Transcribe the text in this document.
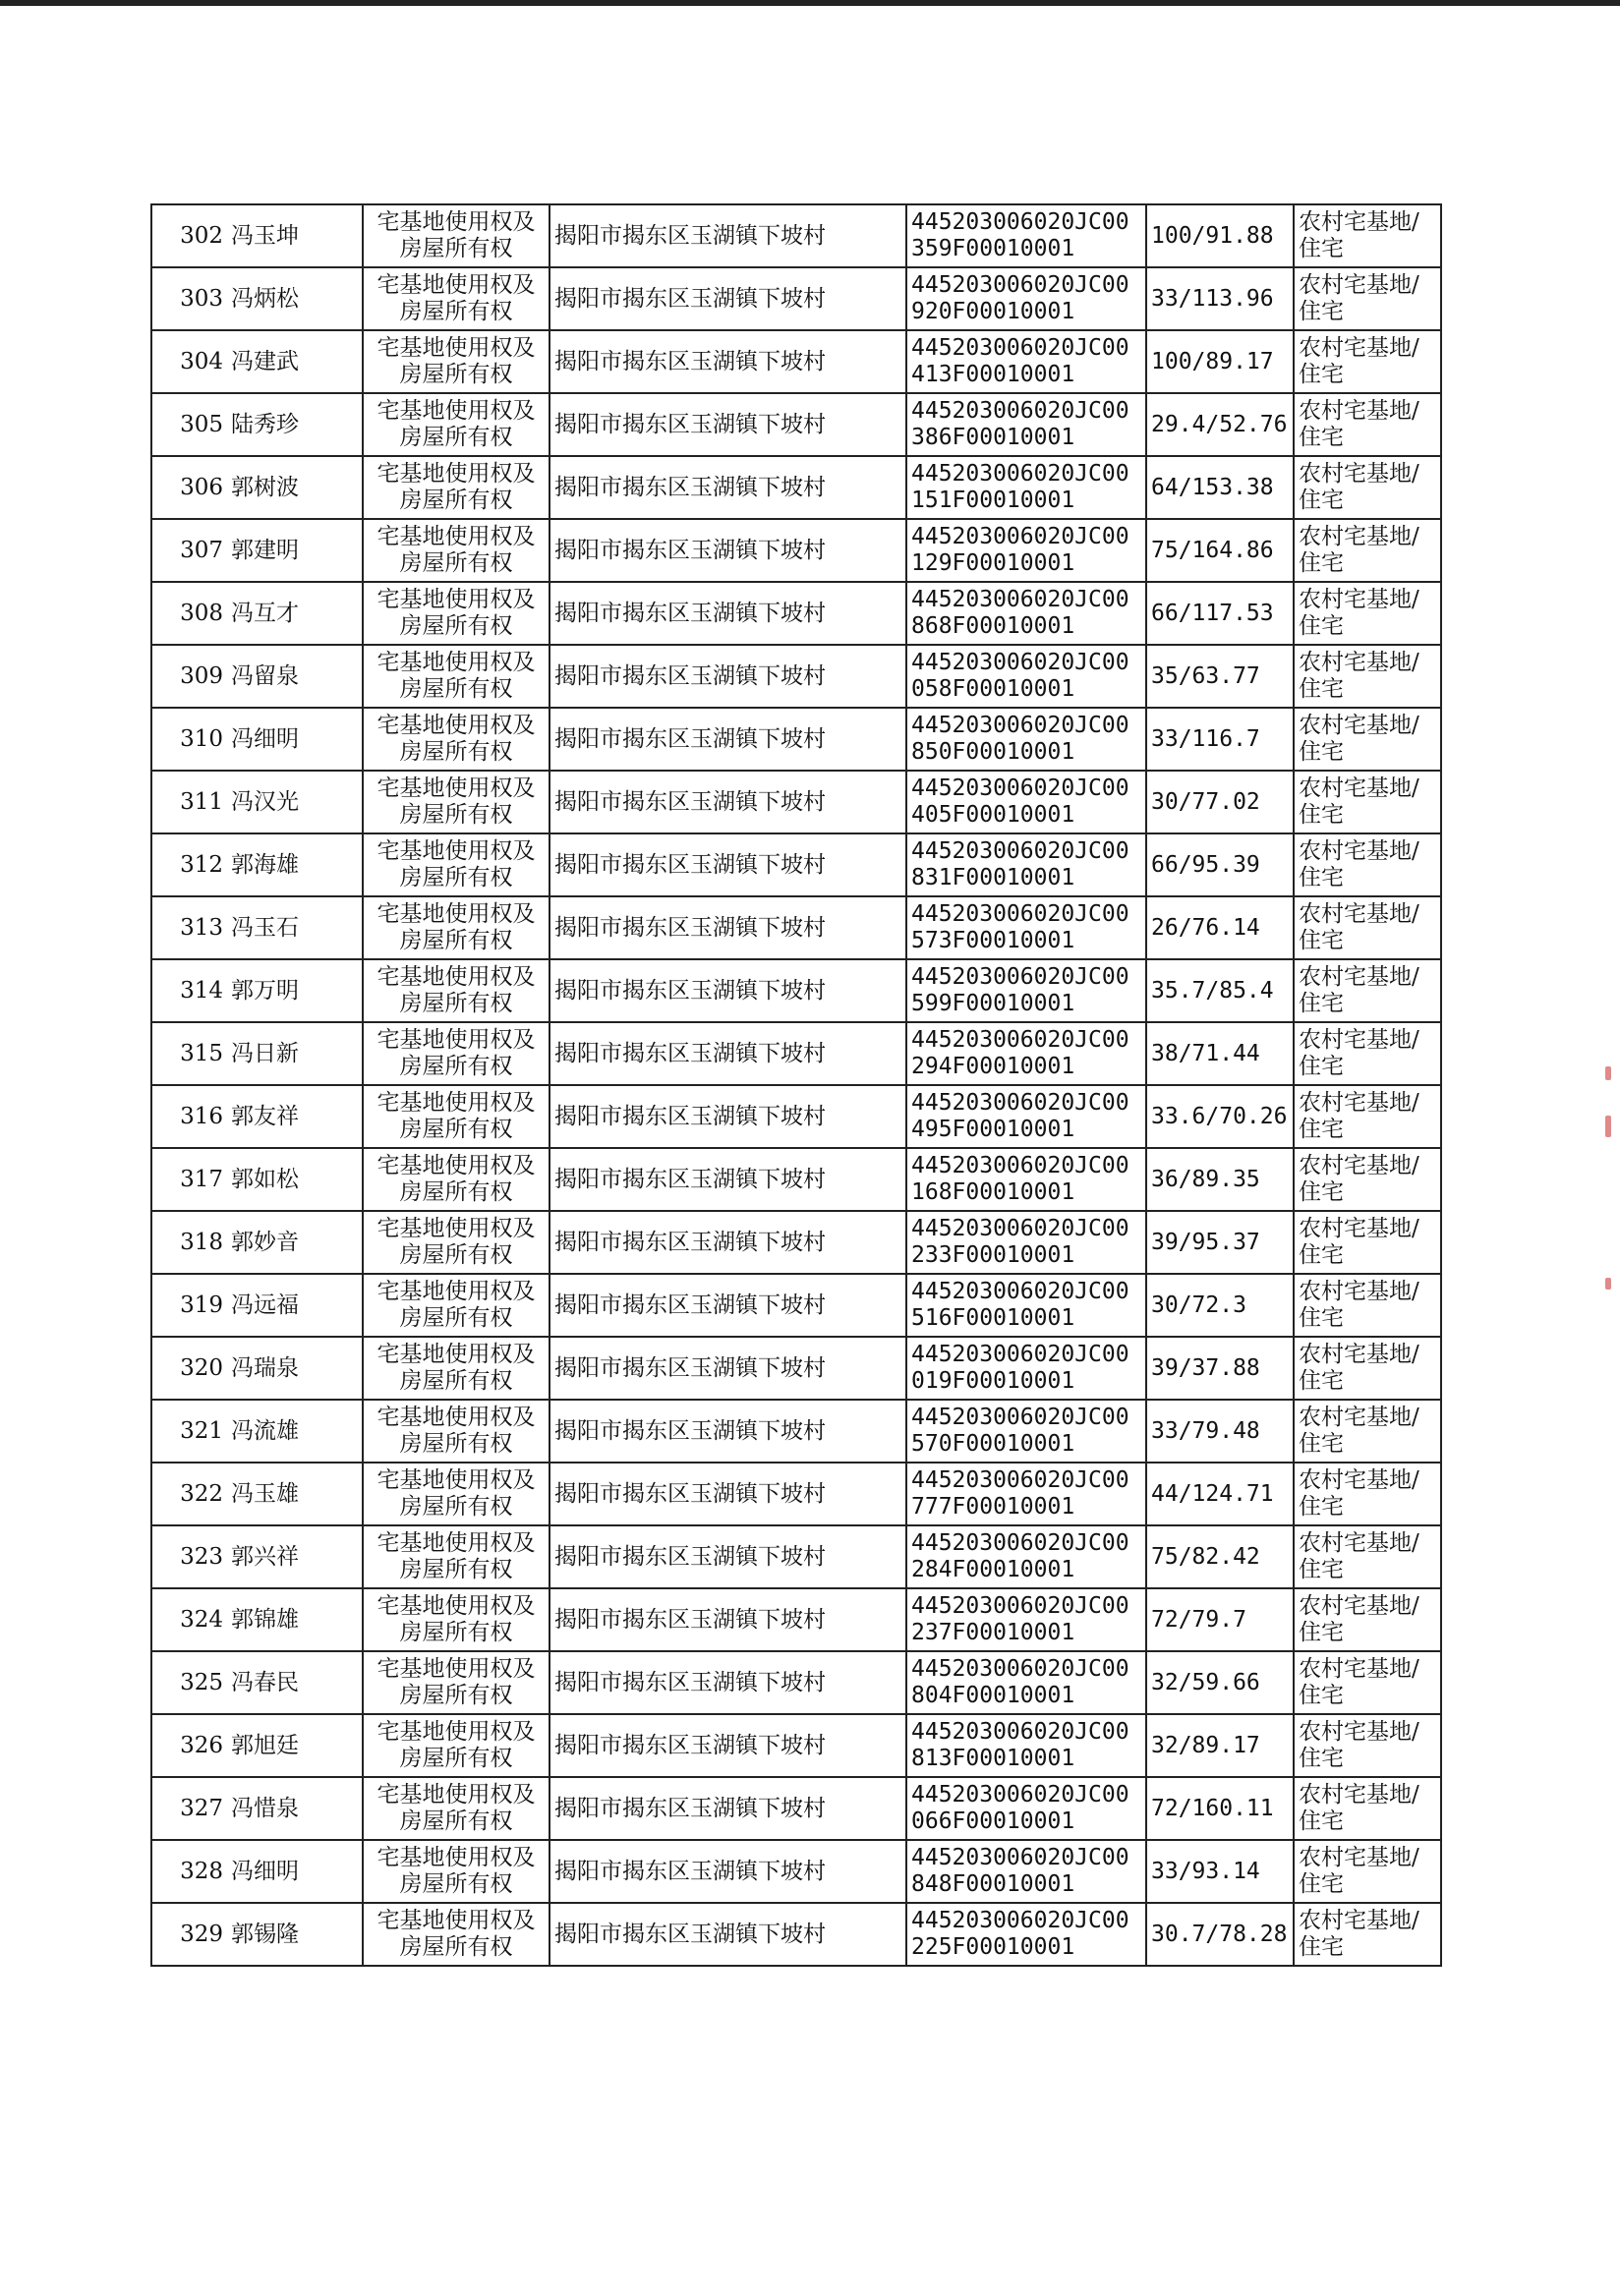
302	冯玉坤	宅基地使用权及房屋所有权	揭阳市揭东区玉湖镇下坡村	445203006020JC00359F00010001	100/91.88	农村宅基地/ 住宅
303	冯炳松	宅基地使用权及房屋所有权	揭阳市揭东区玉湖镇下坡村	445203006020JC00920F00010001	33/113.96	农村宅基地/ 住宅
304	冯建武	宅基地使用权及房屋所有权	揭阳市揭东区玉湖镇下坡村	445203006020JC00413F00010001	100/89.17	农村宅基地/ 住宅
305	陆秀珍	宅基地使用权及房屋所有权	揭阳市揭东区玉湖镇下坡村	445203006020JC00386F00010001	29.4/52.76	农村宅基地/ 住宅
306	郭树波	宅基地使用权及房屋所有权	揭阳市揭东区玉湖镇下坡村	445203006020JC00151F00010001	64/153.38	农村宅基地/ 住宅
307	郭建明	宅基地使用权及房屋所有权	揭阳市揭东区玉湖镇下坡村	445203006020JC00129F00010001	75/164.86	农村宅基地/ 住宅
308	冯互才	宅基地使用权及房屋所有权	揭阳市揭东区玉湖镇下坡村	445203006020JC00868F00010001	66/117.53	农村宅基地/ 住宅
309	冯留泉	宅基地使用权及房屋所有权	揭阳市揭东区玉湖镇下坡村	445203006020JC00058F00010001	35/63.77	农村宅基地/ 住宅
310	冯细明	宅基地使用权及房屋所有权	揭阳市揭东区玉湖镇下坡村	445203006020JC00850F00010001	33/116.7	农村宅基地/ 住宅
311	冯汉光	宅基地使用权及房屋所有权	揭阳市揭东区玉湖镇下坡村	445203006020JC00405F00010001	30/77.02	农村宅基地/ 住宅
312	郭海雄	宅基地使用权及房屋所有权	揭阳市揭东区玉湖镇下坡村	445203006020JC00831F00010001	66/95.39	农村宅基地/ 住宅
313	冯玉石	宅基地使用权及房屋所有权	揭阳市揭东区玉湖镇下坡村	445203006020JC00573F00010001	26/76.14	农村宅基地/ 住宅
314	郭万明	宅基地使用权及房屋所有权	揭阳市揭东区玉湖镇下坡村	445203006020JC00599F00010001	35.7/85.4	农村宅基地/ 住宅
315	冯日新	宅基地使用权及房屋所有权	揭阳市揭东区玉湖镇下坡村	445203006020JC00294F00010001	38/71.44	农村宅基地/ 住宅
316	郭友祥	宅基地使用权及房屋所有权	揭阳市揭东区玉湖镇下坡村	445203006020JC00495F00010001	33.6/70.26	农村宅基地/ 住宅
317	郭如松	宅基地使用权及房屋所有权	揭阳市揭东区玉湖镇下坡村	445203006020JC00168F00010001	36/89.35	农村宅基地/ 住宅
318	郭妙音	宅基地使用权及房屋所有权	揭阳市揭东区玉湖镇下坡村	445203006020JC00233F00010001	39/95.37	农村宅基地/ 住宅
319	冯远福	宅基地使用权及房屋所有权	揭阳市揭东区玉湖镇下坡村	445203006020JC00516F00010001	30/72.3	农村宅基地/ 住宅
320	冯瑞泉	宅基地使用权及房屋所有权	揭阳市揭东区玉湖镇下坡村	445203006020JC00019F00010001	39/37.88	农村宅基地/ 住宅
321	冯流雄	宅基地使用权及房屋所有权	揭阳市揭东区玉湖镇下坡村	445203006020JC00570F00010001	33/79.48	农村宅基地/ 住宅
322	冯玉雄	宅基地使用权及房屋所有权	揭阳市揭东区玉湖镇下坡村	445203006020JC00777F00010001	44/124.71	农村宅基地/ 住宅
323	郭兴祥	宅基地使用权及房屋所有权	揭阳市揭东区玉湖镇下坡村	445203006020JC00284F00010001	75/82.42	农村宅基地/ 住宅
324	郭锦雄	宅基地使用权及房屋所有权	揭阳市揭东区玉湖镇下坡村	445203006020JC00237F00010001	72/79.7	农村宅基地/ 住宅
325	冯春民	宅基地使用权及房屋所有权	揭阳市揭东区玉湖镇下坡村	445203006020JC00804F00010001	32/59.66	农村宅基地/ 住宅
326	郭旭廷	宅基地使用权及房屋所有权	揭阳市揭东区玉湖镇下坡村	445203006020JC00813F00010001	32/89.17	农村宅基地/ 住宅
327	冯惜泉	宅基地使用权及房屋所有权	揭阳市揭东区玉湖镇下坡村	445203006020JC00066F00010001	72/160.11	农村宅基地/ 住宅
328	冯细明	宅基地使用权及房屋所有权	揭阳市揭东区玉湖镇下坡村	445203006020JC00848F00010001	33/93.14	农村宅基地/ 住宅
329	郭锡隆	宅基地使用权及房屋所有权	揭阳市揭东区玉湖镇下坡村	445203006020JC00225F00010001	30.7/78.28	农村宅基地/ 住宅
